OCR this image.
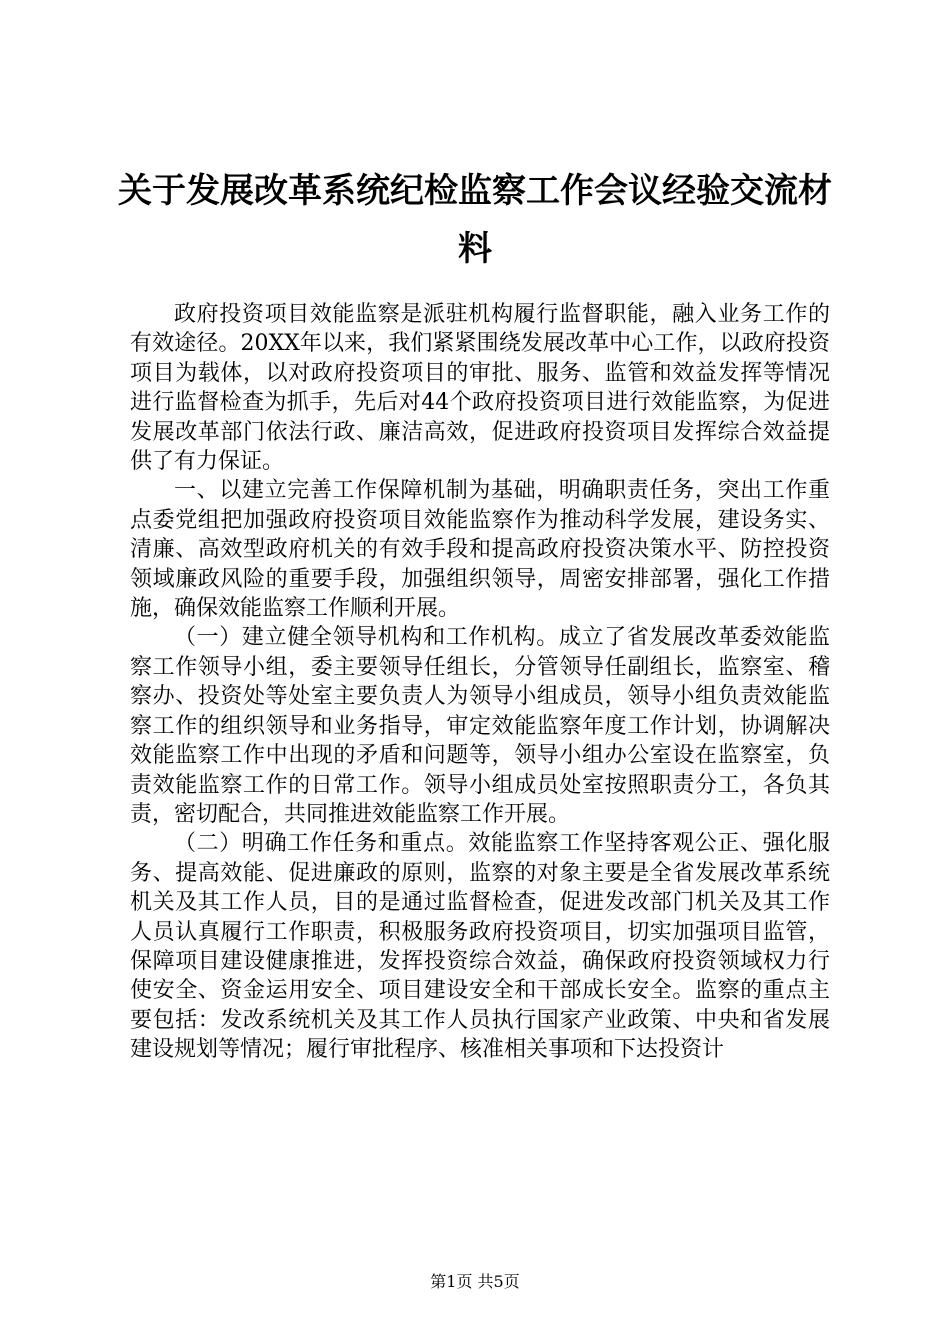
关于发展改革系统纪检监察工作会议经验交流材料

政府投资项目效能监察是派驻机构履行监督职能，融入业务工作的有效途径。20XX年以来，我们紧紧围绕发展改革中心工作，以政府投资项目为载体，以对政府投资项目的审批、服务、监管和效益发挥等情况进行监督检查为抓手，先后对44个政府投资项目进行效能监察，为促进发展改革部门依法行政、廉洁高效，促进政府投资项目发挥综合效益提供了有力保证。

一、以建立完善工作保障机制为基础，明确职责任务，突出工作重点委党组把加强政府投资项目效能监察作为推动科学发展，建设务实、清廉、高效型政府机关的有效手段和提高政府投资决策水平、防控投资领域廉政风险的重要手段，加强组织领导，周密安排部署，强化工作措施，确保效能监察工作顺利开展。

（一）建立健全领导机构和工作机构。成立了省发展改革委效能监察工作领导小组，委主要领导任组长，分管领导任副组长，监察室、稽察办、投资处等处室主要负责人为领导小组成员，领导小组负责效能监察工作的组织领导和业务指导，审定效能监察年度工作计划，协调解决效能监察工作中出现的矛盾和问题等，领导小组办公室设在监察室，负责效能监察工作的日常工作。领导小组成员处室按照职责分工，各负其责，密切配合，共同推进效能监察工作开展。

（二）明确工作任务和重点。效能监察工作坚持客观公正、强化服务、提高效能、促进廉政的原则，监察的对象主要是全省发展改革系统机关及其工作人员，目的是通过监督检查，促进发改部门机关及其工作人员认真履行工作职责，积极服务政府投资项目，切实加强项目监管，保障项目建设健康推进，发挥投资综合效益，确保政府投资领域权力行使安全、资金运用安全、项目建设安全和干部成长安全。监察的重点主要包括：发改系统机关及其工作人员执行国家产业政策、中央和省发展建设规划等情况；履行审批程序、核准相关事项和下达投资计

第1页 共5页
